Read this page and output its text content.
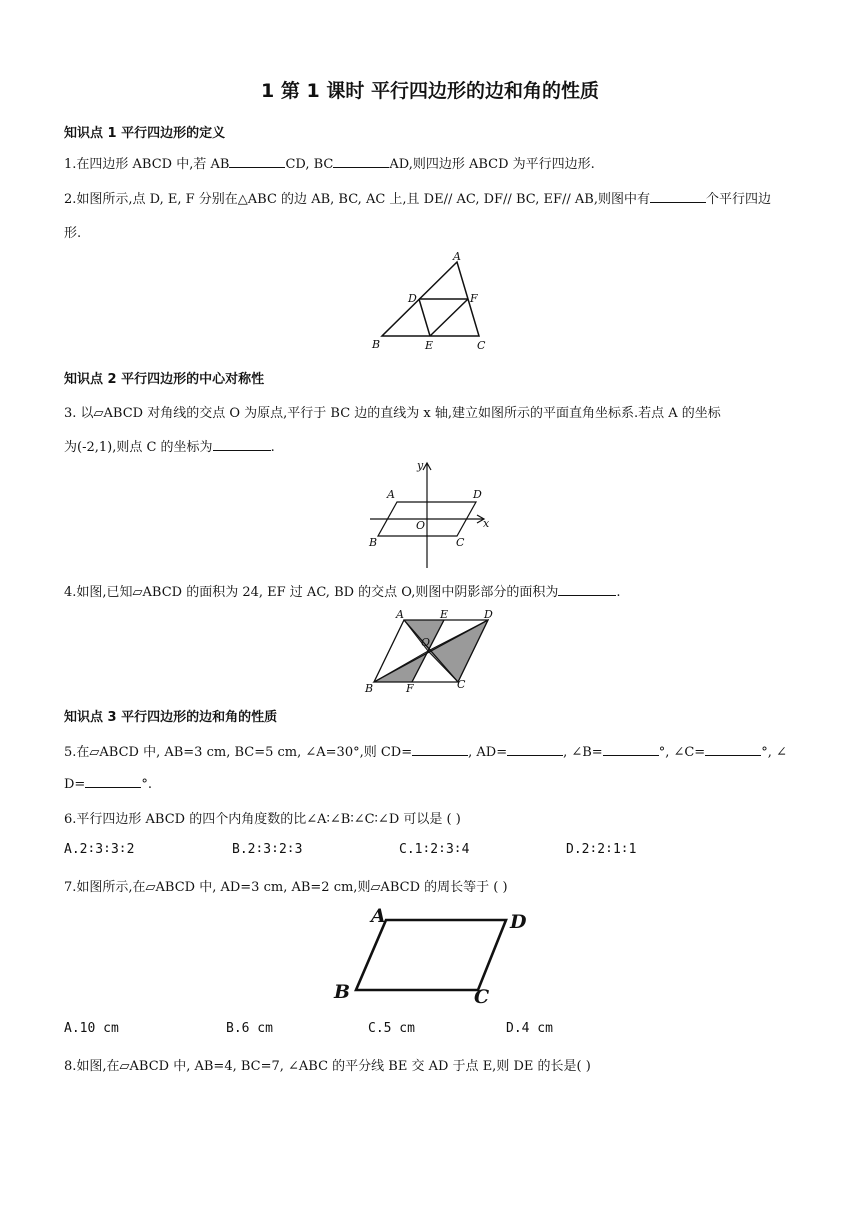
1 第 1 课时 平行四边形的边和角的性质
知识点 1 平行四边形的定义
1.在四边形 ABCD 中,若 AB	CD, BC	AD,则四边形 ABCD 为平行四边形.
2.如图所示,点 D, E, F 分别在△ABC 的边 AB, BC, AC 上,且 DE// AC, DF// BC, EF// AB,则图中有	个平行四边
形.
A
B	C
D
E
F
知识点 2 平行四边形的中心对称性
3. 以▱ABCD 对角线的交点 O 为原点,平行于 BC 边的直线为 x 轴,建立如图所示的平面直角坐标系.若点 A 的坐标
为(-2,1),则点 C 的坐标为	.
y
A	D
O	x
B	C
4.如图,已知▱ABCD 的面积为 24, EF 过 AC, BD 的交点 O,则图中阴影部分的面积为	.
A	E	D
O
B	F	C
知识点 3 平行四边形的边和角的性质
5.在▱ABCD 中, AB=3 cm, BC=5 cm, ∠A=30°,则 CD=	, AD=	, ∠B=	°, ∠C=	°, ∠
D=	°.
6.平行四边形 ABCD 的四个内角度数的比∠A∶∠B∶∠C∶∠D 可以是 ( )
A.2∶3∶3∶2	B.2∶3∶2∶3	C.1∶2∶3∶4	D.2∶2∶1∶1
7.如图所示,在▱ABCD 中, AD=3 cm, AB=2 cm,则▱ABCD 的周长等于 ( )
A	D
B	C
A.10 cm	B.6 cm	C.5 cm	D.4 cm
8.如图,在▱ABCD 中, AB=4, BC=7, ∠ABC 的平分线 BE 交 AD 于点 E,则 DE 的长是( )
